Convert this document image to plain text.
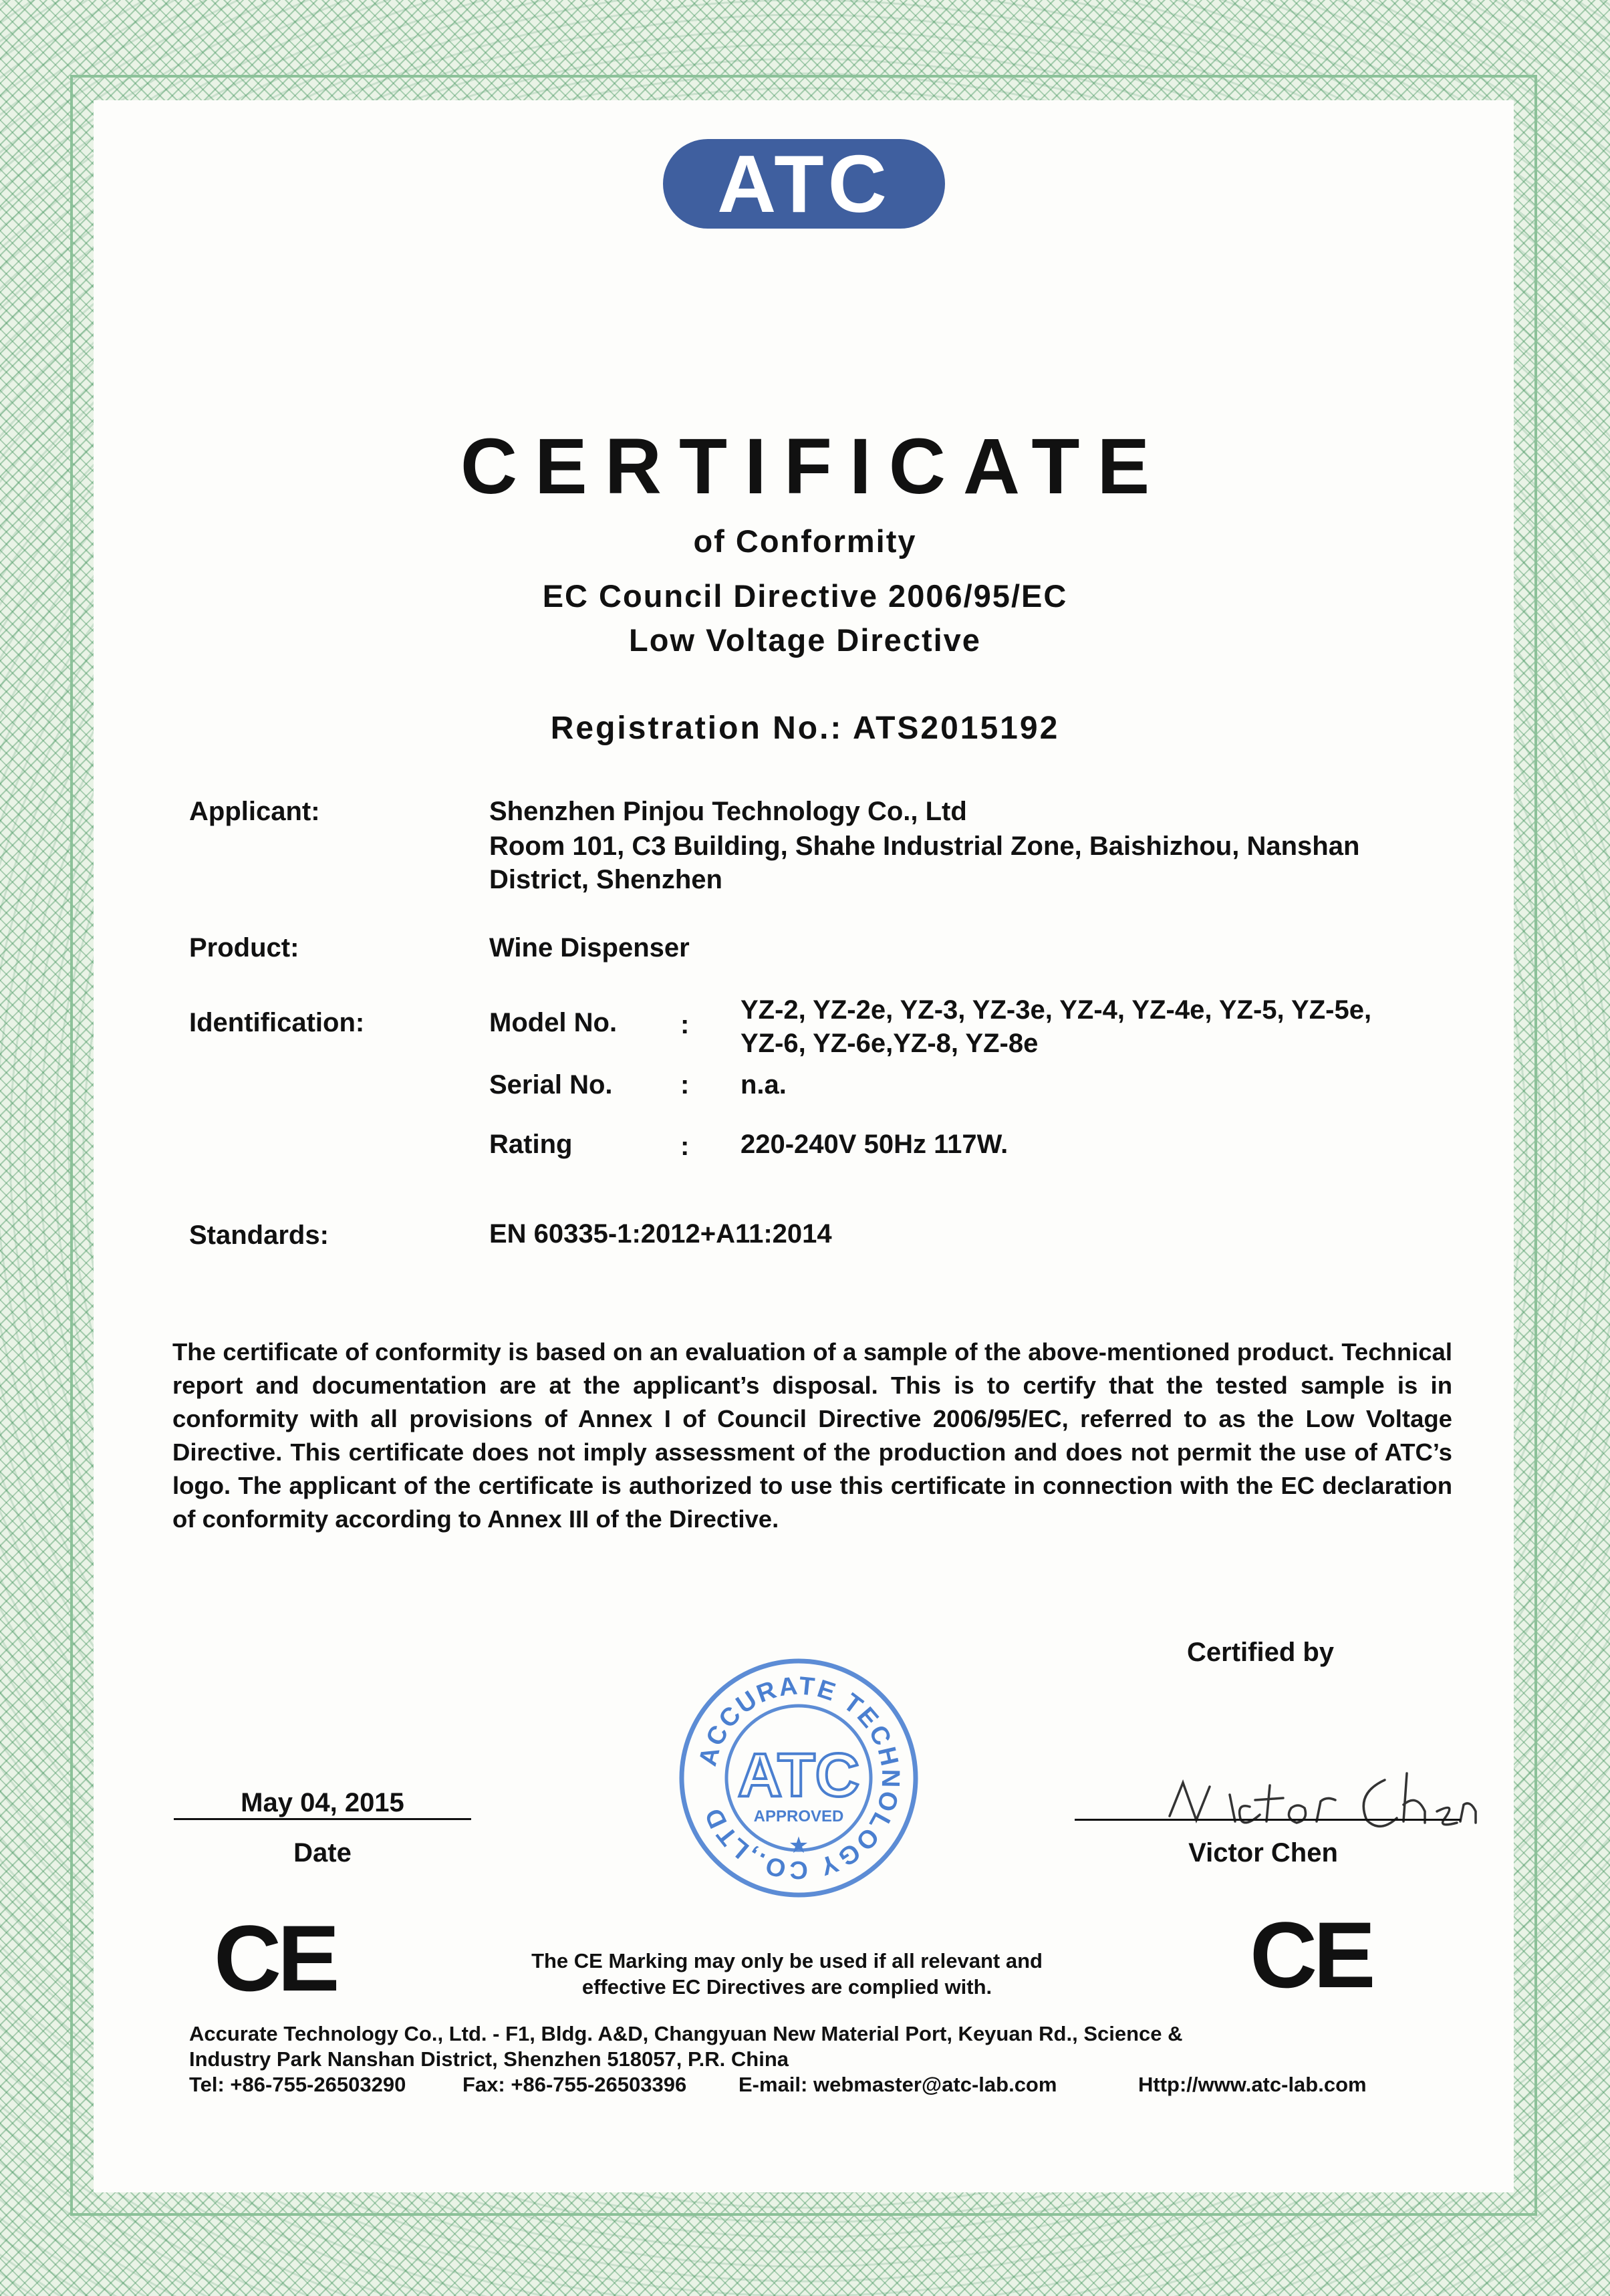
ATC
CERTIFICATE
of Conformity
EC Council Directive 2006/95/EC
Low Voltage Directive
Registration No.: ATS2015192
Applicant:	Shenzhen Pinjou Technology Co., Ltd
Room 101, C3 Building, Shahe Industrial Zone, Baishizhou, Nanshan
District, Shenzhen
Product:	Wine Dispenser
Identification:	Model No. : YZ-2, YZ-2e, YZ-3, YZ-3e, YZ-4, YZ-4e, YZ-5, YZ-5e,
YZ-6, YZ-6e,YZ-8, YZ-8e
Serial No.	: n.a.
Rating	: 220-240V 50Hz 117W.
Standards:	EN 60335-1:2012+A11:2014
The certificate of conformity is based on an evaluation of a sample of the above-mentioned product. Technical report and documentation are at the applicant’s disposal. This is to certify that the tested sample is in conformity with all provisions of Annex I of Council Directive 2006/95/EC, referred to as the Low Voltage Directive. This certificate does not imply assessment of the production and does not permit the use of ATC’s logo. The applicant of the certificate is authorized to use this certificate in connection with the EC declaration of conformity according to Annex III of the Directive.
Certified by
May 04, 2015
Date	Victor Chen
ACCURATE TECHNOLOGY CO.,LTD
ATC
APPROVED
★
CE	CE
The CE Marking may only be used if all relevant and
effective EC Directives are complied with.
Accurate Technology Co., Ltd. - F1, Bldg. A&D, Changyuan New Material Port, Keyuan Rd., Science &
Industry Park Nanshan District, Shenzhen 518057, P.R. China
Tel: +86-755-26503290	Fax: +86-755-26503396	E-mail: webmaster@atc-lab.com	Http://www.atc-lab.com
